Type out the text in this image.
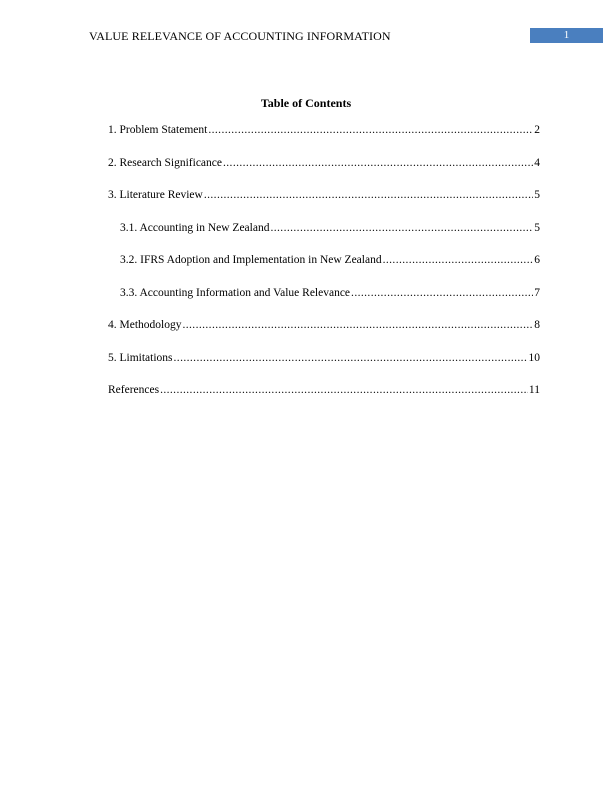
VALUE RELEVANCE OF ACCOUNTING INFORMATION	1
Table of Contents
1. Problem Statement .....	2
2. Research Significance .....	4
3. Literature Review .....	5
3.1. Accounting in New Zealand .....	5
3.2. IFRS Adoption and Implementation in New Zealand .....	6
3.3. Accounting Information and Value Relevance .....	7
4. Methodology .....	8
5. Limitations .....	10
References .....	11
